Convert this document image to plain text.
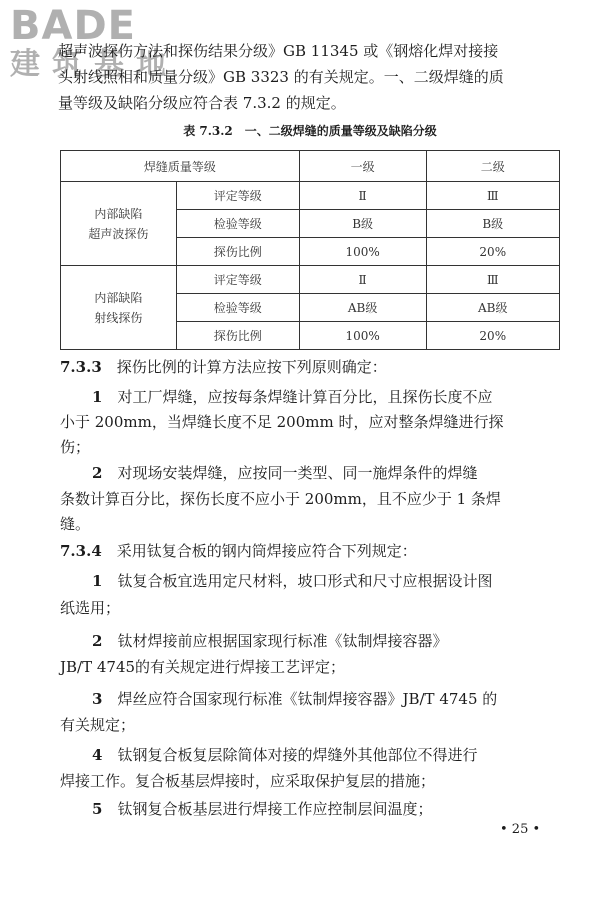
BADE
建筑基地
超声波探伤方法和探伤结果分级》GB 11345 或《钢熔化焊对接接
头射线照相和质量分级》GB 3323 的有关规定。一、二级焊缝的质
量等级及缺陷分级应符合表 7.3.2 的规定。
表 7.3.2　一、二级焊缝的质量等级及缺陷分级
焊缝质量等级		一级	二级

内部缺陷
超声波探伤	评定等级	Ⅱ	Ⅲ
	检验等级	B级	B级
	探伤比例	100%	20%

内部缺陷
射线探伤	评定等级	Ⅱ	Ⅲ
	检验等级	AB级	AB级
	探伤比例	100%	20%
7.3.3　 探伤比例的计算方法应按下列原则确定：
1　 对工厂焊缝，应按每条焊缝计算百分比，且探伤长度不应
小于 200mm，当焊缝长度不足 200mm 时，应对整条焊缝进行探
伤；
2　 对现场安装焊缝，应按同一类型、同一施焊条件的焊缝
条数计算百分比，探伤长度不应小于 200mm，且不应少于 1 条焊
缝。
7.3.4　 采用钛复合板的钢内筒焊接应符合下列规定：
1　 钛复合板宜选用定尺材料，坡口形式和尺寸应根据设计图
纸选用；
2　 钛材焊接前应根据国家现行标准《钛制焊接容器》
JB/T 4745的有关规定进行焊接工艺评定；
3　 焊丝应符合国家现行标准《钛制焊接容器》JB/T 4745 的
有关规定；
4　 钛钢复合板复层除简体对接的焊缝外其他部位不得进行
焊接工作。复合板基层焊接时，应采取保护复层的措施；
5　 钛钢复合板基层进行焊接工作应控制层间温度；
• 25 •
